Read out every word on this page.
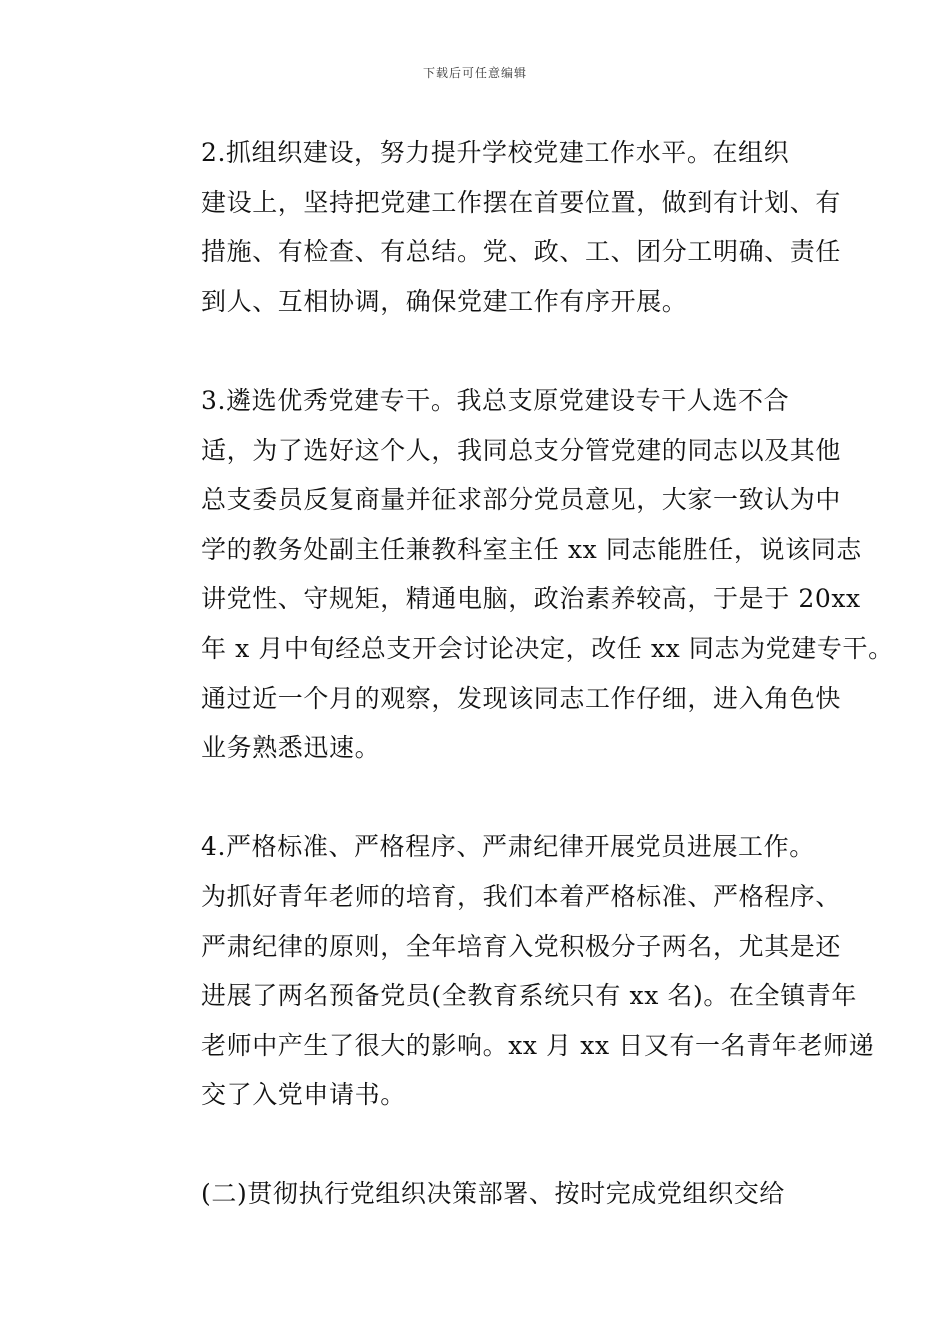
下载后可任意编辑

2.抓组织建设，努力提升学校党建工作水平。在组织
建设上，坚持把党建工作摆在首要位置，做到有计划、有
措施、有检查、有总结。党、政、工、团分工明确、责任
到人、互相协调，确保党建工作有序开展。

3.遴选优秀党建专干。我总支原党建设专干人选不合
适，为了选好这个人，我同总支分管党建的同志以及其他
总支委员反复商量并征求部分党员意见，大家一致认为中
学的教务处副主任兼教科室主任 xx 同志能胜任，说该同志
讲党性、守规矩，精通电脑，政治素养较高，于是于 20xx
年 x 月中旬经总支开会讨论决定，改任 xx 同志为党建专干。
通过近一个月的观察，发现该同志工作仔细，进入角色快
业务熟悉迅速。

4.严格标准、严格程序、严肃纪律开展党员进展工作。
为抓好青年老师的培育，我们本着严格标准、严格程序、
严肃纪律的原则，全年培育入党积极分子两名，尤其是还
进展了两名预备党员(全教育系统只有 xx 名)。在全镇青年
老师中产生了很大的影响。xx 月 xx 日又有一名青年老师递
交了入党申请书。

(二)贯彻执行党组织决策部署、按时完成党组织交给
